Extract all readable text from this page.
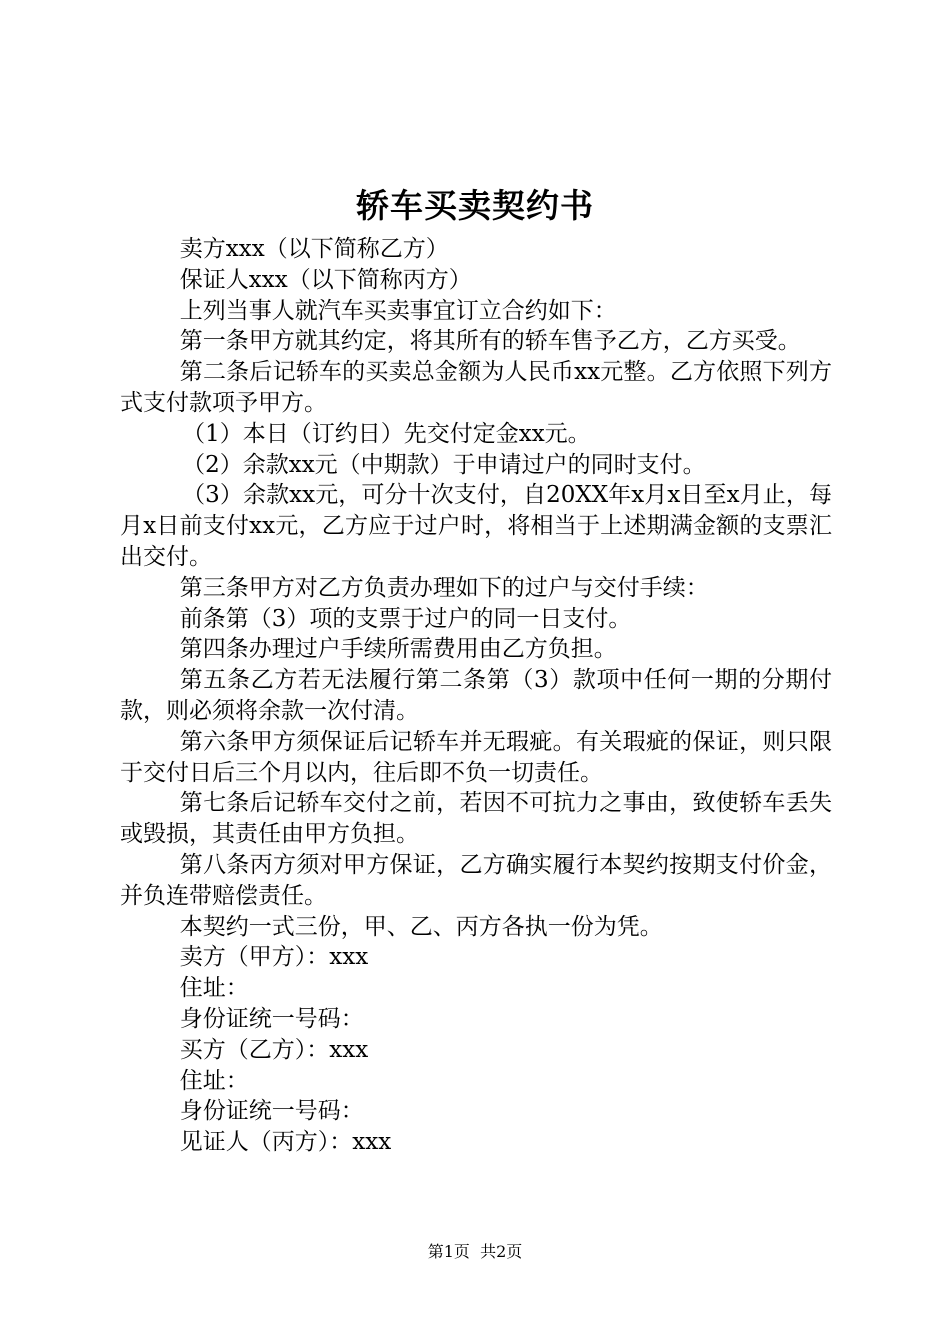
轿车买卖契约书

卖方xxx（以下简称乙方）

保证人xxx（以下简称丙方）

上列当事人就汽车买卖事宜订立合约如下：

第一条甲方就其约定，将其所有的轿车售予乙方，乙方买受。

第二条后记轿车的买卖总金额为人民币xx元整。乙方依照下列方式支付款项予甲方。

（1）本日（订约日）先交付定金xx元。

（2）余款xx元（中期款）于申请过户的同时支付。

（3）余款xx元，可分十次支付，自20XX年x月x日至x月止，每月x日前支付xx元，乙方应于过户时，将相当于上述期满金额的支票汇出交付。

第三条甲方对乙方负责办理如下的过户与交付手续：

前条第（3）项的支票于过户的同一日支付。

第四条办理过户手续所需费用由乙方负担。

第五条乙方若无法履行第二条第（3）款项中任何一期的分期付款，则必须将余款一次付清。

第六条甲方须保证后记轿车并无瑕疵。有关瑕疵的保证，则只限于交付日后三个月以内，往后即不负一切责任。

第七条后记轿车交付之前，若因不可抗力之事由，致使轿车丢失或毁损，其责任由甲方负担。

第八条丙方须对甲方保证，乙方确实履行本契约按期支付价金，并负连带赔偿责任。

本契约一式三份，甲、乙、丙方各执一份为凭。

卖方（甲方）：xxx

住址：

身份证统一号码：

买方（乙方）：xxx

住址：

身份证统一号码：

见证人（丙方）：xxx

第1页  共2页
